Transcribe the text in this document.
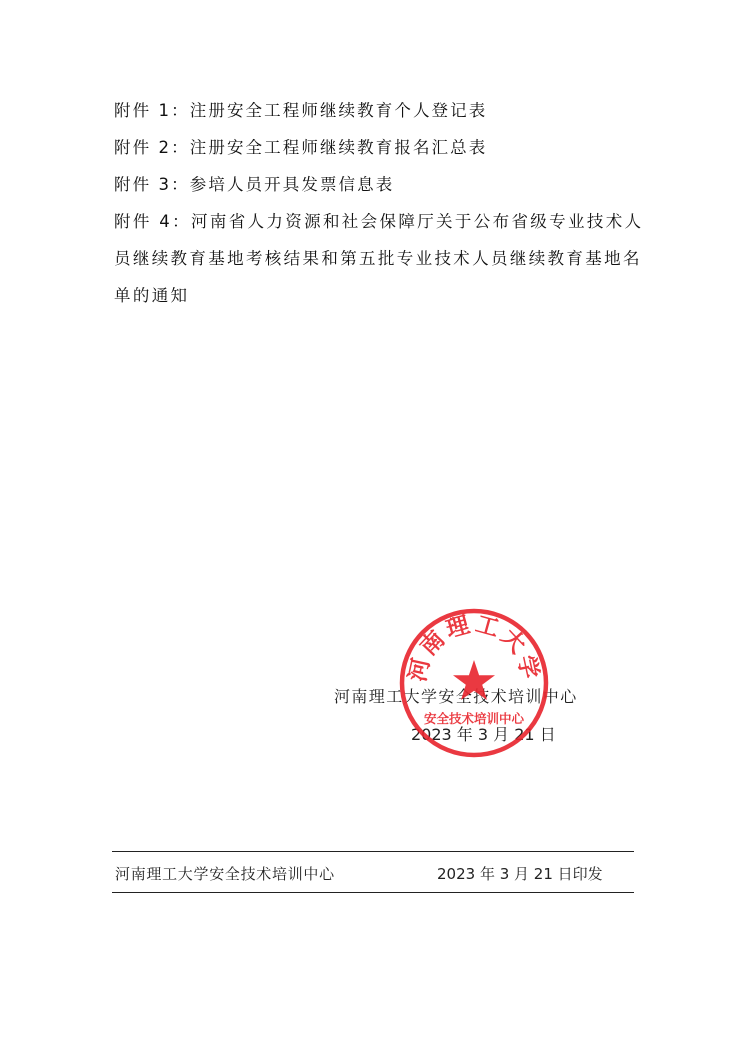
附件 1：注册安全工程师继续教育个人登记表
附件 2：注册安全工程师继续教育报名汇总表
附件 3：参培人员开具发票信息表
附件 4：河南省人力资源和社会保障厅关于公布省级专业技术人员继续教育基地考核结果和第五批专业技术人员继续教育基地名单的通知
河南理工大学安全技术培训中心
2023 年 3 月 21 日
河南理工大学
安全技术培训中心
河南理工大学安全技术培训中心	2023 年 3 月 21 日印发
